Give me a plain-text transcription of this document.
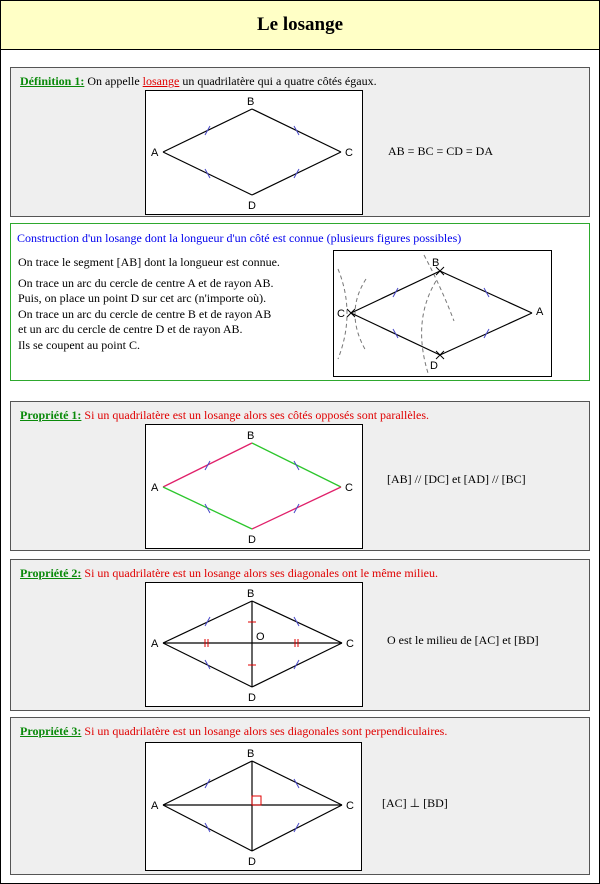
Le losange
Définition 1: On appelle losange un quadrilatère qui a quatre côtés égaux.
B
A	C
D
AB = BC = CD = DA
Construction d'un losange dont la longueur d'un côté est connue (plusieurs figures possibles)
On trace le segment [AB] dont la longueur est connue.
On trace un arc du cercle de centre A et de rayon AB.
Puis, on place un point D sur cet arc (n'importe où).
On trace un arc du cercle de centre B et de rayon AB
et un arc du cercle de centre D et de rayon AB.
Ils se coupent au point C.
B
C	A
D
Propriété 1: Si un quadrilatère est un losange alors ses côtés opposés sont parallèles.
B
A	C
D
[AB] // [DC] et [AD] // [BC]
Propriété 2: Si un quadrilatère est un losange alors ses diagonales ont le même milieu.
B
A	C
D
O	O est le milieu de [AC] et [BD]
Propriété 3: Si un quadrilatère est un losange alors ses diagonales sont perpendiculaires.
B
A	C
D
[AC] ⊥ [BD]
